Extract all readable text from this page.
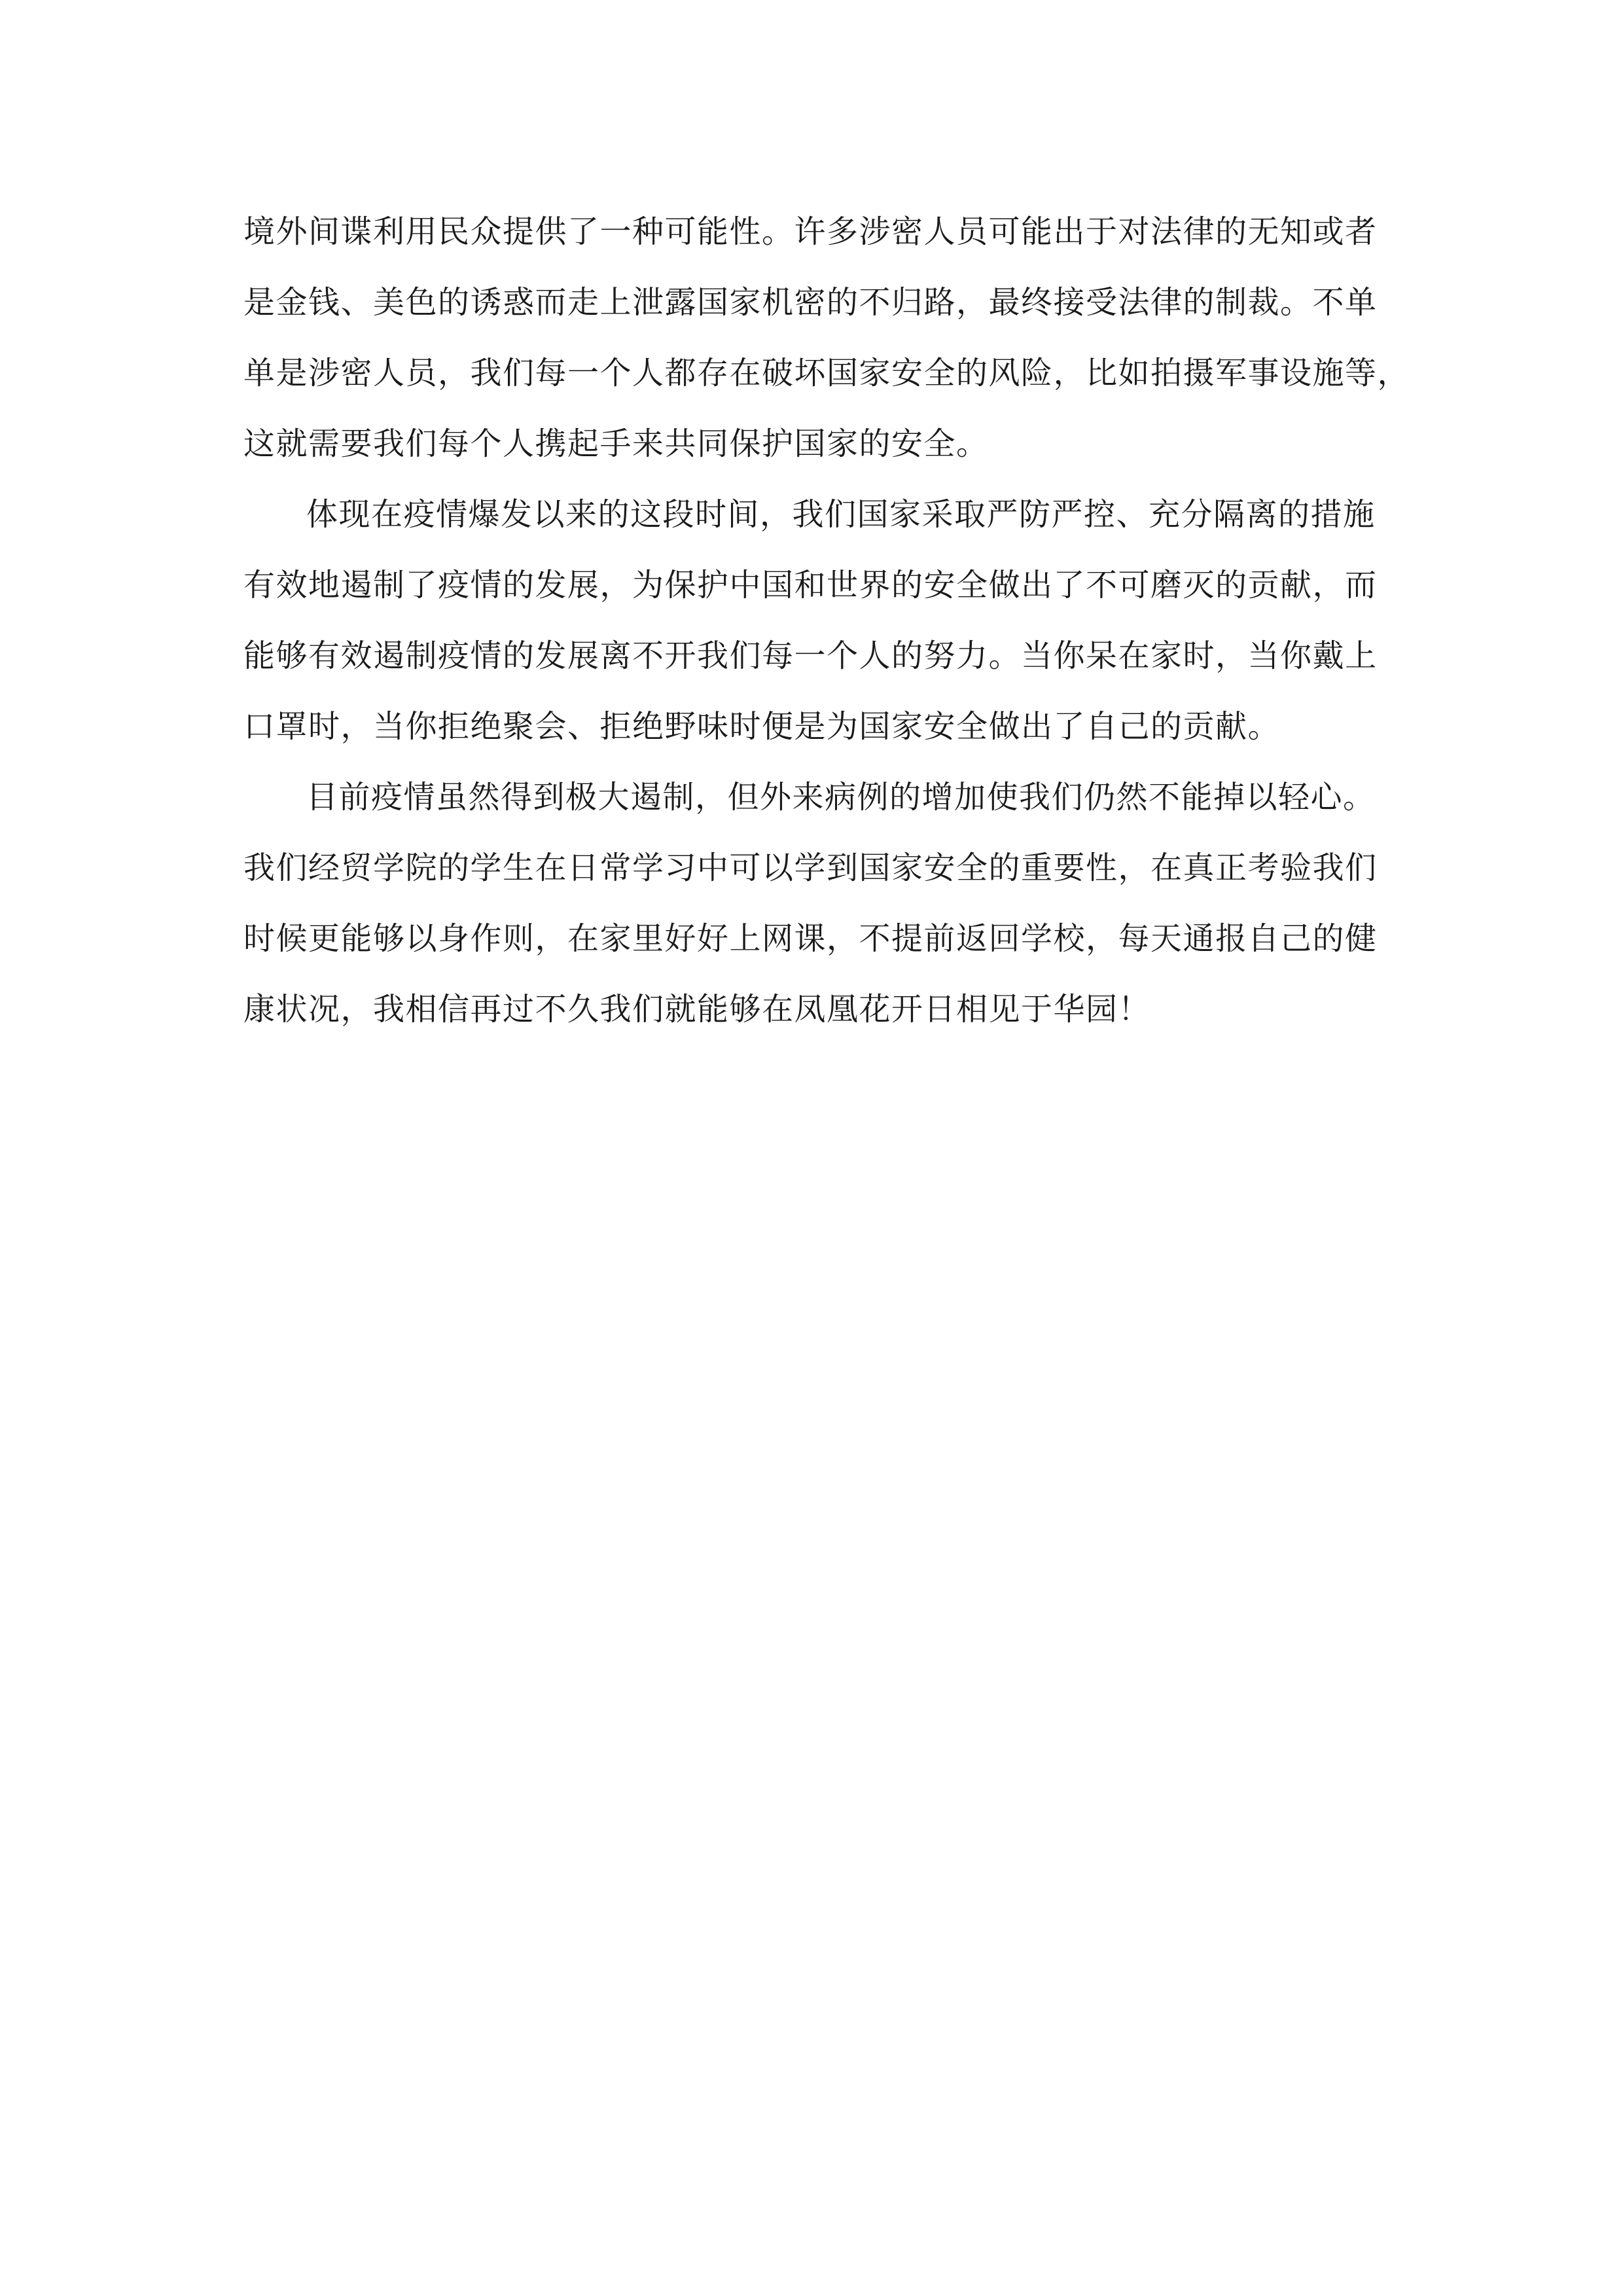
境外间谍利用民众提供了一种可能性。许多涉密人员可能出于对法律的无知或者
是金钱、美色的诱惑而走上泄露国家机密的不归路，最终接受法律的制裁。不单
单是涉密人员，我们每一个人都存在破坏国家安全的风险，比如拍摄军事设施等，
这就需要我们每个人携起手来共同保护国家的安全。
体现在疫情爆发以来的这段时间，我们国家采取严防严控、充分隔离的措施
有效地遏制了疫情的发展，为保护中国和世界的安全做出了不可磨灭的贡献，而
能够有效遏制疫情的发展离不开我们每一个人的努力。当你呆在家时，当你戴上
口罩时，当你拒绝聚会、拒绝野味时便是为国家安全做出了自己的贡献。
目前疫情虽然得到极大遏制，但外来病例的增加使我们仍然不能掉以轻心。
我们经贸学院的学生在日常学习中可以学到国家安全的重要性，在真正考验我们
时候更能够以身作则，在家里好好上网课，不提前返回学校，每天通报自己的健
康状况，我相信再过不久我们就能够在凤凰花开日相见于华园！
